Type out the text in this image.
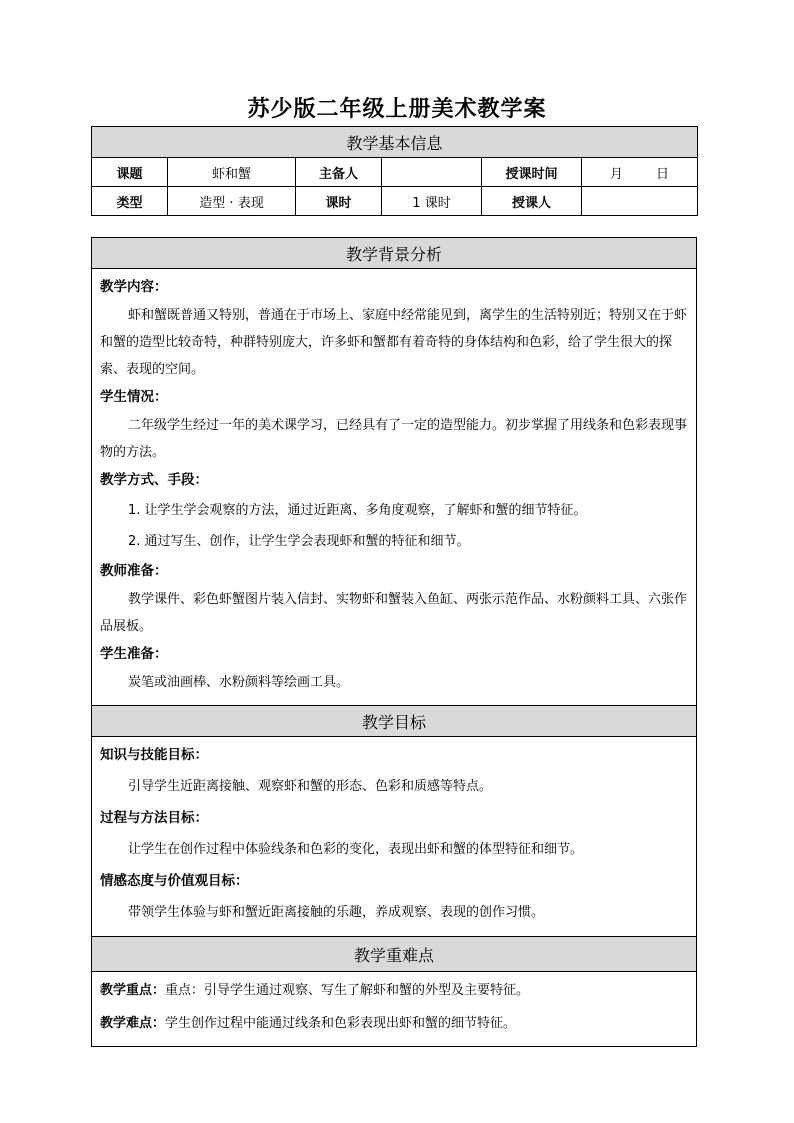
苏少版二年级上册美术教学案
教学基本信息					
课题	虾和蟹	主备人		授课时间	月        日
类型	造型 · 表现	课时	1 课时	授课人	
教学背景分析

教学内容：

虾和蟹既普通又特别，普通在于市场上、家庭中经常能见到，离学生的生活特别近；特别又在于虾和蟹的造型比较奇特，种群特别庞大，许多虾和蟹都有着奇特的身体结构和色彩，给了学生很大的探索、表现的空间。

学生情况：

二年级学生经过一年的美术课学习，已经具有了一定的造型能力。初步掌握了用线条和色彩表现事物的方法。

教学方式、手段：

1. 让学生学会观察的方法，通过近距离、多角度观察，了解虾和蟹的细节特征。

2. 通过写生、创作，让学生学会表现虾和蟹的特征和细节。

教师准备：

教学课件、彩色虾蟹图片装入信封、实物虾和蟹装入鱼缸、两张示范作品、水粉颜料工具、六张作品展板。

学生准备：

炭笔或油画棒、水粉颜料等绘画工具。

教学目标

知识与技能目标：

引导学生近距离接触、观察虾和蟹的形态、色彩和质感等特点。

过程与方法目标：

让学生在创作过程中体验线条和色彩的变化，表现出虾和蟹的体型特征和细节。

情感态度与价值观目标：

带领学生体验与虾和蟹近距离接触的乐趣，养成观察、表现的创作习惯。

教学重难点

教学重点：重点：引导学生通过观察、写生了解虾和蟹的外型及主要特征。
教学难点：学生创作过程中能通过线条和色彩表现出虾和蟹的细节特征。
